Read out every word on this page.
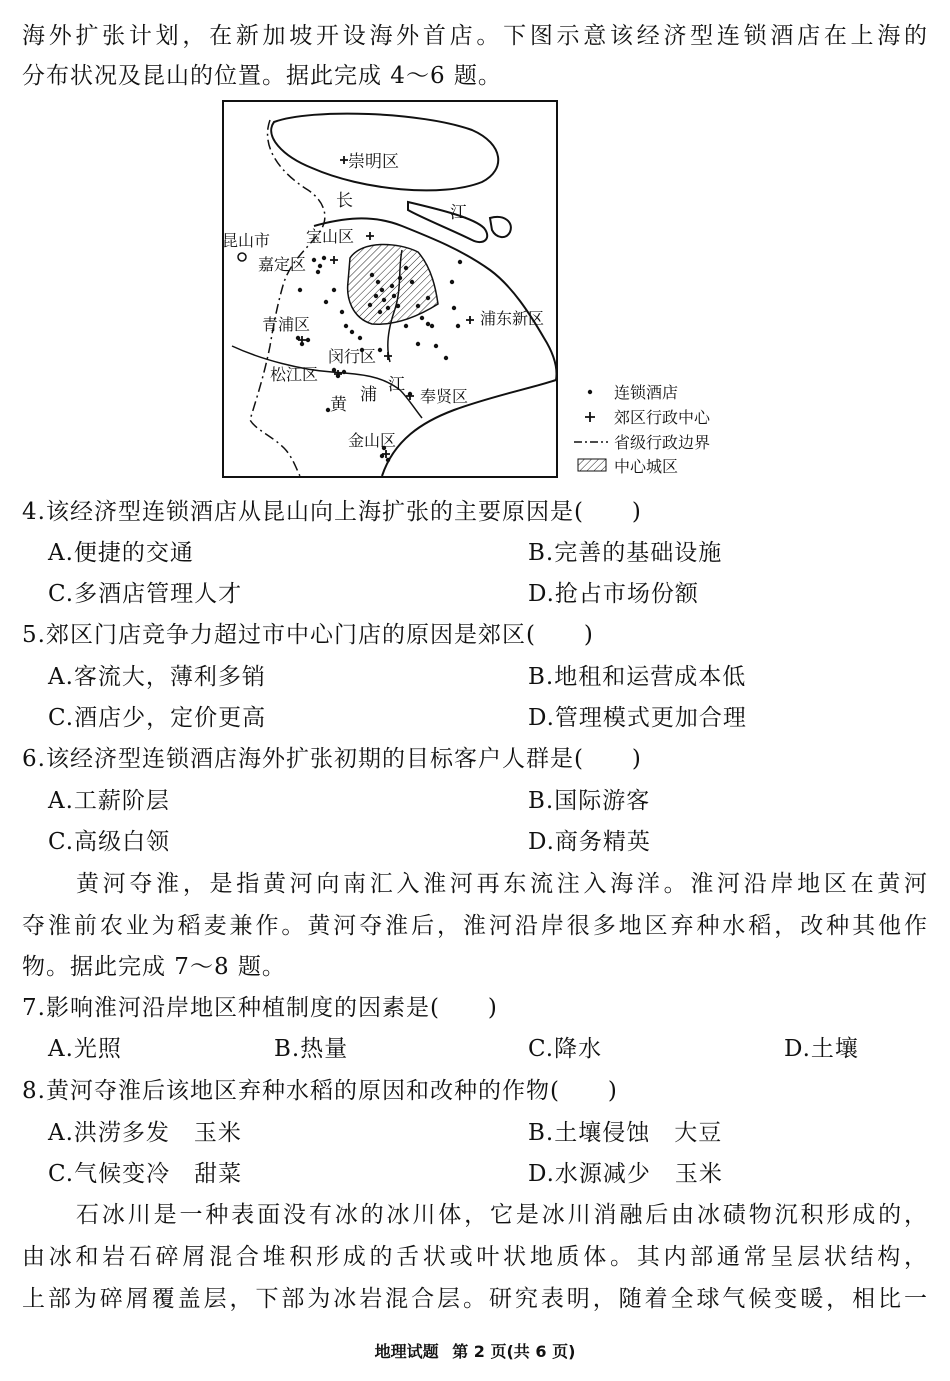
海外扩张计划，在新加坡开设海外首店。下图示意该经济型连锁酒店在上海的
分布状况及昆山的位置。据此完成 4～6 题。
崇明区
长
江
昆山市 宝山区
嘉定区
青浦区	浦东新区
闵行区
松江区
黄 浦 江
奉贤区
金山区
连锁酒店
郊区行政中心
省级行政边界
中心城区
4.该经济型连锁酒店从昆山向上海扩张的主要原因是(　　)
A.便捷的交通	B.完善的基础设施
C.多酒店管理人才	D.抢占市场份额
5.郊区门店竞争力超过市中心门店的原因是郊区(　　)
A.客流大，薄利多销	B.地租和运营成本低
C.酒店少，定价更高	D.管理模式更加合理
6.该经济型连锁酒店海外扩张初期的目标客户人群是(　　)
A.工薪阶层	B.国际游客
C.高级白领	D.商务精英
黄河夺淮，是指黄河向南汇入淮河再东流注入海洋。淮河沿岸地区在黄河
夺淮前农业为稻麦兼作。黄河夺淮后，淮河沿岸很多地区弃种水稻，改种其他作
物。据此完成 7～8 题。
7.影响淮河沿岸地区种植制度的因素是(　　)
A.光照	B.热量	C.降水	D.土壤
8.黄河夺淮后该地区弃种水稻的原因和改种的作物(　　)
A.洪涝多发　玉米	B.土壤侵蚀　大豆
C.气候变冷　甜菜	D.水源减少　玉米
石冰川是一种表面没有冰的冰川体，它是冰川消融后由冰碛物沉积形成的，
由冰和岩石碎屑混合堆积形成的舌状或叶状地质体。其内部通常呈层状结构，
上部为碎屑覆盖层，下部为冰岩混合层。研究表明，随着全球气候变暖，相比一
地理试题 第 2 页(共 6 页)
